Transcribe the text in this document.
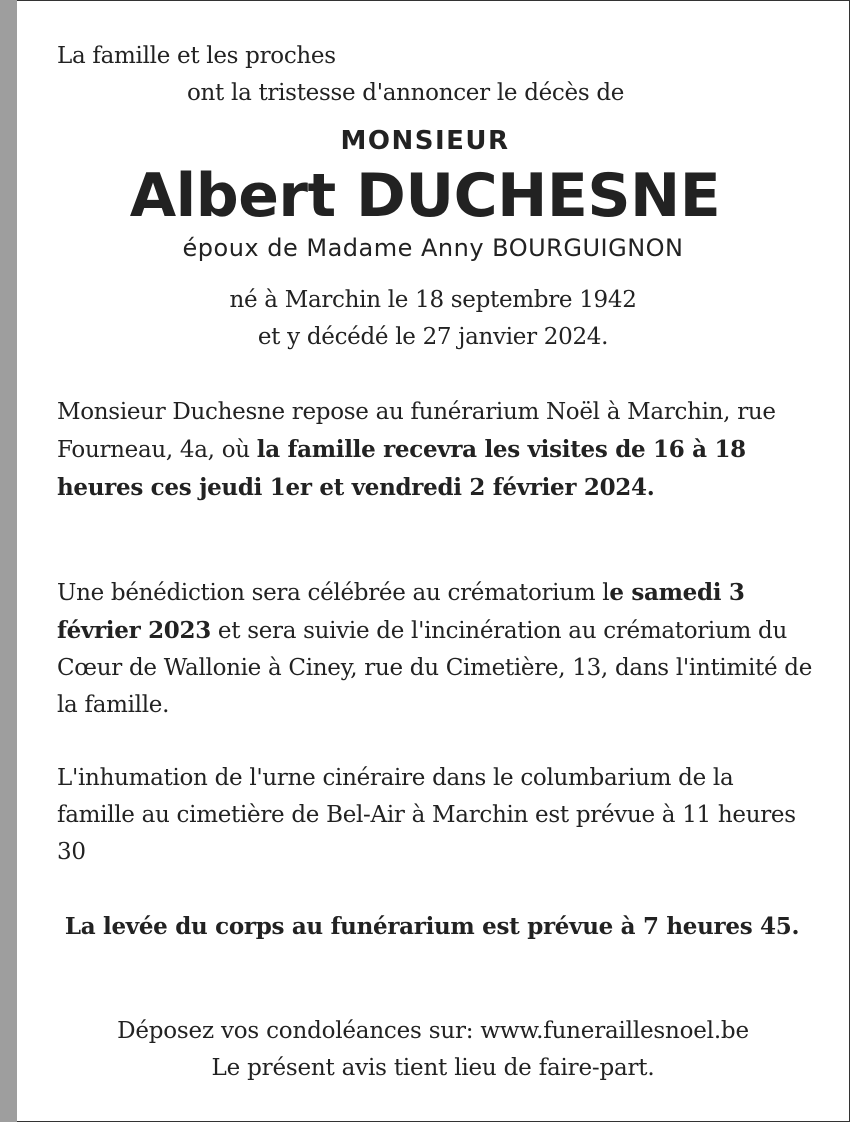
La famille et les proches
ont la tristesse d'annoncer le décès de
MONSIEUR
Albert DUCHESNE
époux de Madame Anny BOURGUIGNON
né à Marchin le 18 septembre 1942
et y décédé le 27 janvier 2024.
Monsieur Duchesne repose au funérarium Noël à Marchin, rue Fourneau, 4a, où la famille recevra les visites de 16 à 18 heures ces jeudi 1er et vendredi 2 février 2024.
Une bénédiction sera célébrée au crématorium le samedi 3 février 2023 et sera suivie de l'incinération au crématorium du Cœur de Wallonie à Ciney, rue du Cimetière, 13, dans l'intimité de la famille.
L'inhumation de l'urne cinéraire dans le columbarium de la famille au cimetière de Bel-Air à Marchin est prévue à 11 heures 30
La levée du corps au funérarium est prévue à 7 heures 45.
Déposez vos condoléances sur: www.funeraillesnoel.be
Le présent avis tient lieu de faire-part.
